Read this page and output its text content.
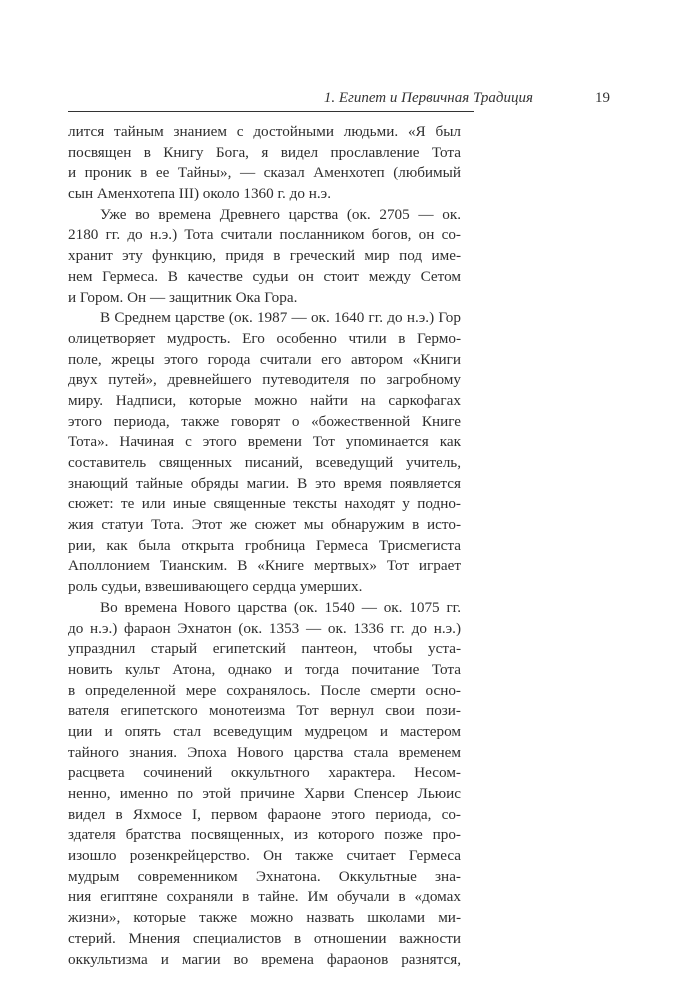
1. Египет и Первичная Традиция	19
лится тайным знанием с достойными людьми. «Я был
посвящен в Книгу Бога, я видел прославление Тота
и проник в ее Тайны», — сказал Аменхотеп (любимый
сын Аменхотепа III) около 1360 г. до н.э.
Уже во времена Древнего царства (ок. 2705 — ок.
2180 гг. до н.э.) Тота считали посланником богов, он со-
хранит эту функцию, придя в греческий мир под име-
нем Гермеса. В качестве судьи он стоит между Сетом
и Гором. Он — защитник Ока Гора.
В Среднем царстве (ок. 1987 — ок. 1640 гг. до н.э.) Гор
олицетворяет мудрость. Его особенно чтили в Гермо-
поле, жрецы этого города считали его автором «Книги
двух путей», древнейшего путеводителя по загробному
миру. Надписи, которые можно найти на саркофагах
этого периода, также говорят о «божественной Книге
Тота». Начиная с этого времени Тот упоминается как
составитель священных писаний, всеведущий учитель,
знающий тайные обряды магии. В это время появляется
сюжет: те или иные священные тексты находят у подно-
жия статуи Тота. Этот же сюжет мы обнаружим в исто-
рии, как была открыта гробница Гермеса Трисмегиста
Аполлонием Тианским. В «Книге мертвых» Тот играет
роль судьи, взвешивающего сердца умерших.
Во времена Нового царства (ок. 1540 — ок. 1075 гг.
до н.э.) фараон Эхнатон (ок. 1353 — ок. 1336 гг. до н.э.)
упразднил старый египетский пантеон, чтобы уста-
новить культ Атона, однако и тогда почитание Тота
в определенной мере сохранялось. После смерти осно-
вателя египетского монотеизма Тот вернул свои пози-
ции и опять стал всеведущим мудрецом и мастером
тайного знания. Эпоха Нового царства стала временем
расцвета сочинений оккультного характера. Несом-
ненно, именно по этой причине Харви Спенсер Льюис
видел в Яхмосе I, первом фараоне этого периода, со-
здателя братства посвященных, из которого позже про-
изошло розенкрейцерство. Он также считает Гермеса
мудрым современником Эхнатона. Оккультные зна-
ния египтяне сохраняли в тайне. Им обучали в «домах
жизни», которые также можно назвать школами ми-
стерий. Мнения специалистов в отношении важности
оккультизма и магии во времена фараонов разнятся,
